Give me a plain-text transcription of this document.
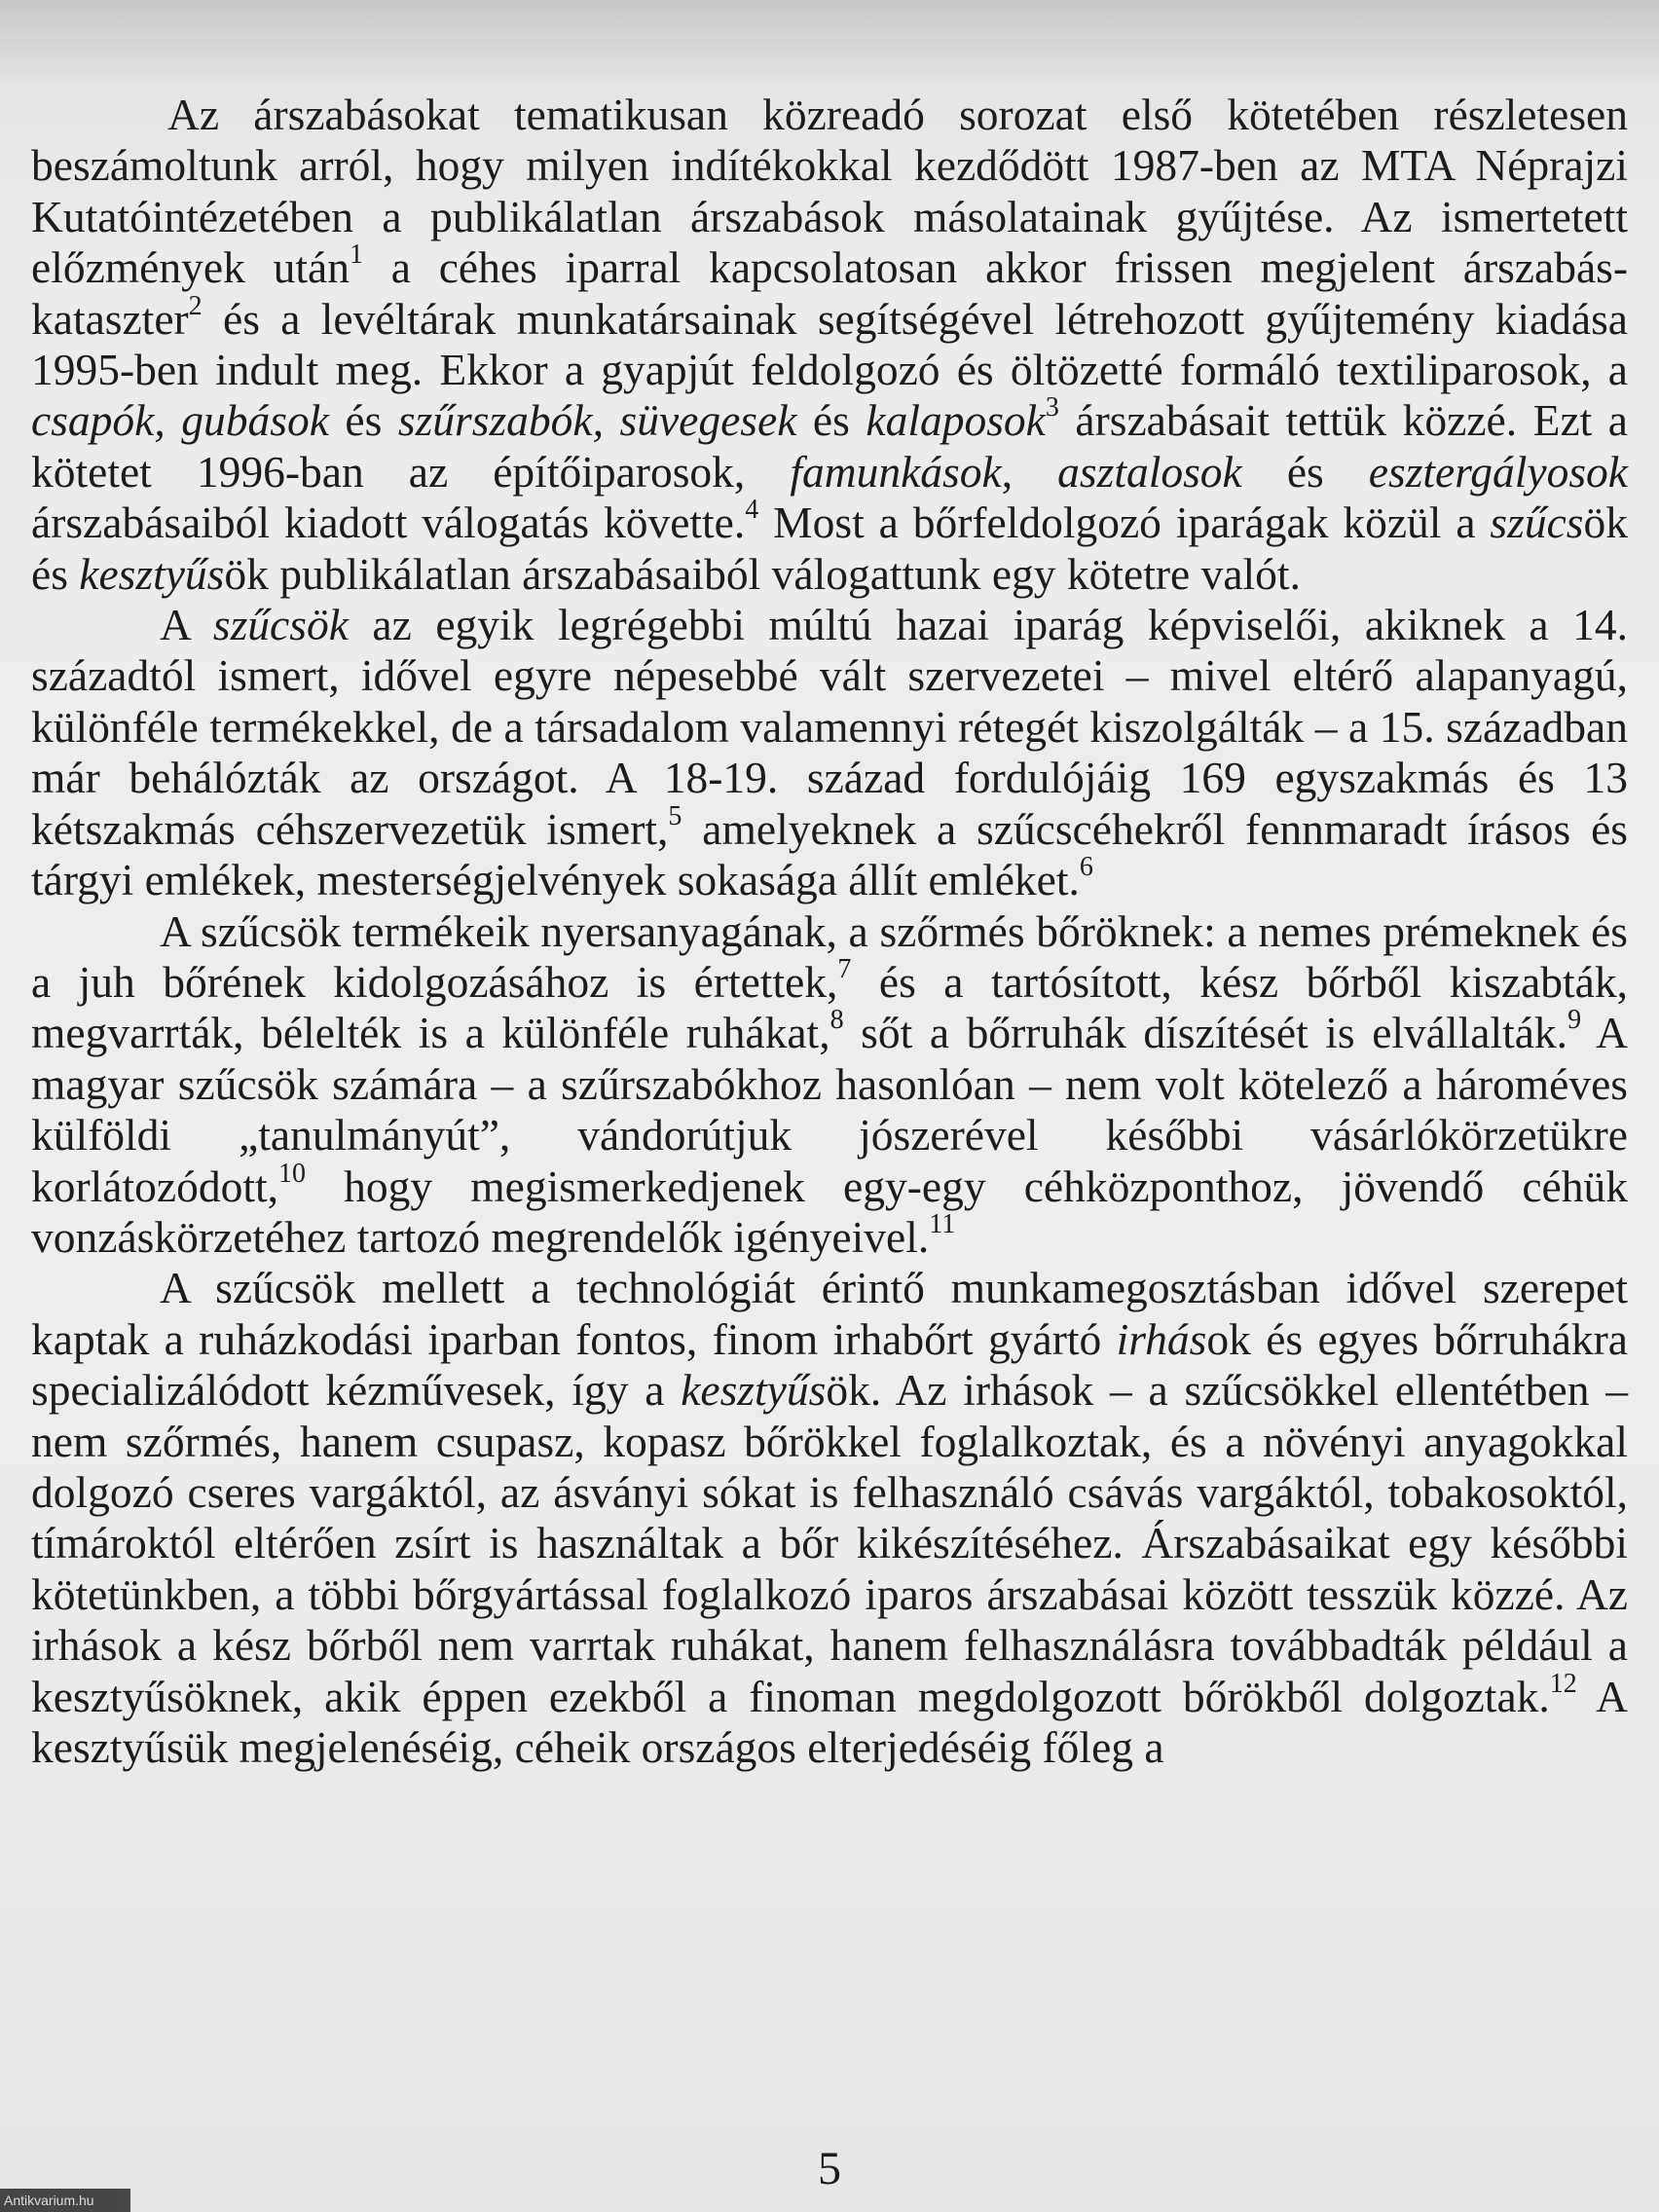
Az árszabásokat tematikusan közreadó sorozat első kötetében részletesen beszámoltunk arról, hogy milyen indítékokkal kezdődött 1987-ben az MTA Néprajzi Kutatóintézetében a publikálatlan árszabások másolatainak gyűjtése. Az ismertetett előzmények után$^1$ a céhes iparral kapcsolatosan akkor frissen megjelent árszabás-kataszter$^2$ és a levéltárak munkatársainak segítségével létrehozott gyűjtemény kiadása 1995-ben indult meg. Ekkor a gyapjút feldolgozó és öltözetté formáló textiliparosok, a csapók, gubások és szűrszabók, süvegesek és kalaposok$^3$ árszabásait tettük közzé. Ezt a kötetet 1996-ban az építőiparosok, famunkások, asztalosok és esztergályosok árszabásaiból kiadott válogatás követte.$^4$ Most a bőrfeldolgozó iparágak közül a szűcsök és kesztyűsök publikálatlan árszabásaiból válogattunk egy kötetre valót.

A szűcsök az egyik legrégebbi múltú hazai iparág képviselői, akiknek a 14. századtól ismert, idővel egyre népesebbé vált szervezetei – mivel eltérő alapanyagú, különféle termékekkel, de a társadalom valamennyi rétegét kiszolgálták – a 15. században már behálózták az országot. A 18-19. század fordulójáig 169 egyszakmás és 13 kétszakmás céhszervezetük ismert,$^5$ amelyeknek a szűcscéhekről fennmaradt írásos és tárgyi emlékek, mesterségjelvények sokasága állít emléket.$^6$

A szűcsök termékeik nyersanyagának, a szőrmés bőröknek: a nemes prémeknek és a juh bőrének kidolgozásához is értettek,$^7$ és a tartósított, kész bőrből kiszabták, megvarrták, bélelték is a különféle ruhákat,$^8$ sőt a bőrruhák díszítését is elvállalták.$^9$ A magyar szűcsök számára – a szűrszabókhoz hasonlóan – nem volt kötelező a hároméves külföldi „tanulmányút”, vándorútjuk jószerével későbbi vásárlókörzetükre korlátozódott,$^{10}$ hogy megismerkedjenek egy-egy céhközponthoz, jövendő céhük vonzáskörzetéhez tartozó megrendelők igényeivel.$^{11}$

A szűcsök mellett a technológiát érintő munkamegosztásban idővel szerepet kaptak a ruházkodási iparban fontos, finom irhabőrt gyártó irhások és egyes bőrruhákra specializálódott kézművesek, így a kesztyűsök. Az irhások – a szűcsökkel ellentétben – nem szőrmés, hanem csupasz, kopasz bőrökkel foglalkoztak, és a növényi anyagokkal dolgozó cseres vargáktól, az ásványi sókat is felhasználó csávás vargáktól, tobakosoktól, tímároktól eltérően zsírt is használtak a bőr kikészítéséhez. Árszabásaikat egy későbbi kötetünkben, a többi bőrgyártással foglalkozó iparos árszabásai között tesszük közzé. Az irhások a kész bőrből nem varrtak ruhákat, hanem felhasználásra továbbadták például a kesztyűsöknek, akik éppen ezekből a finoman megdolgozott bőrökből dolgoztak.$^{12}$ A kesztyűsük megjelenéséig, céheik országos elterjedéséig főleg a

5
Antikvarium.hu
